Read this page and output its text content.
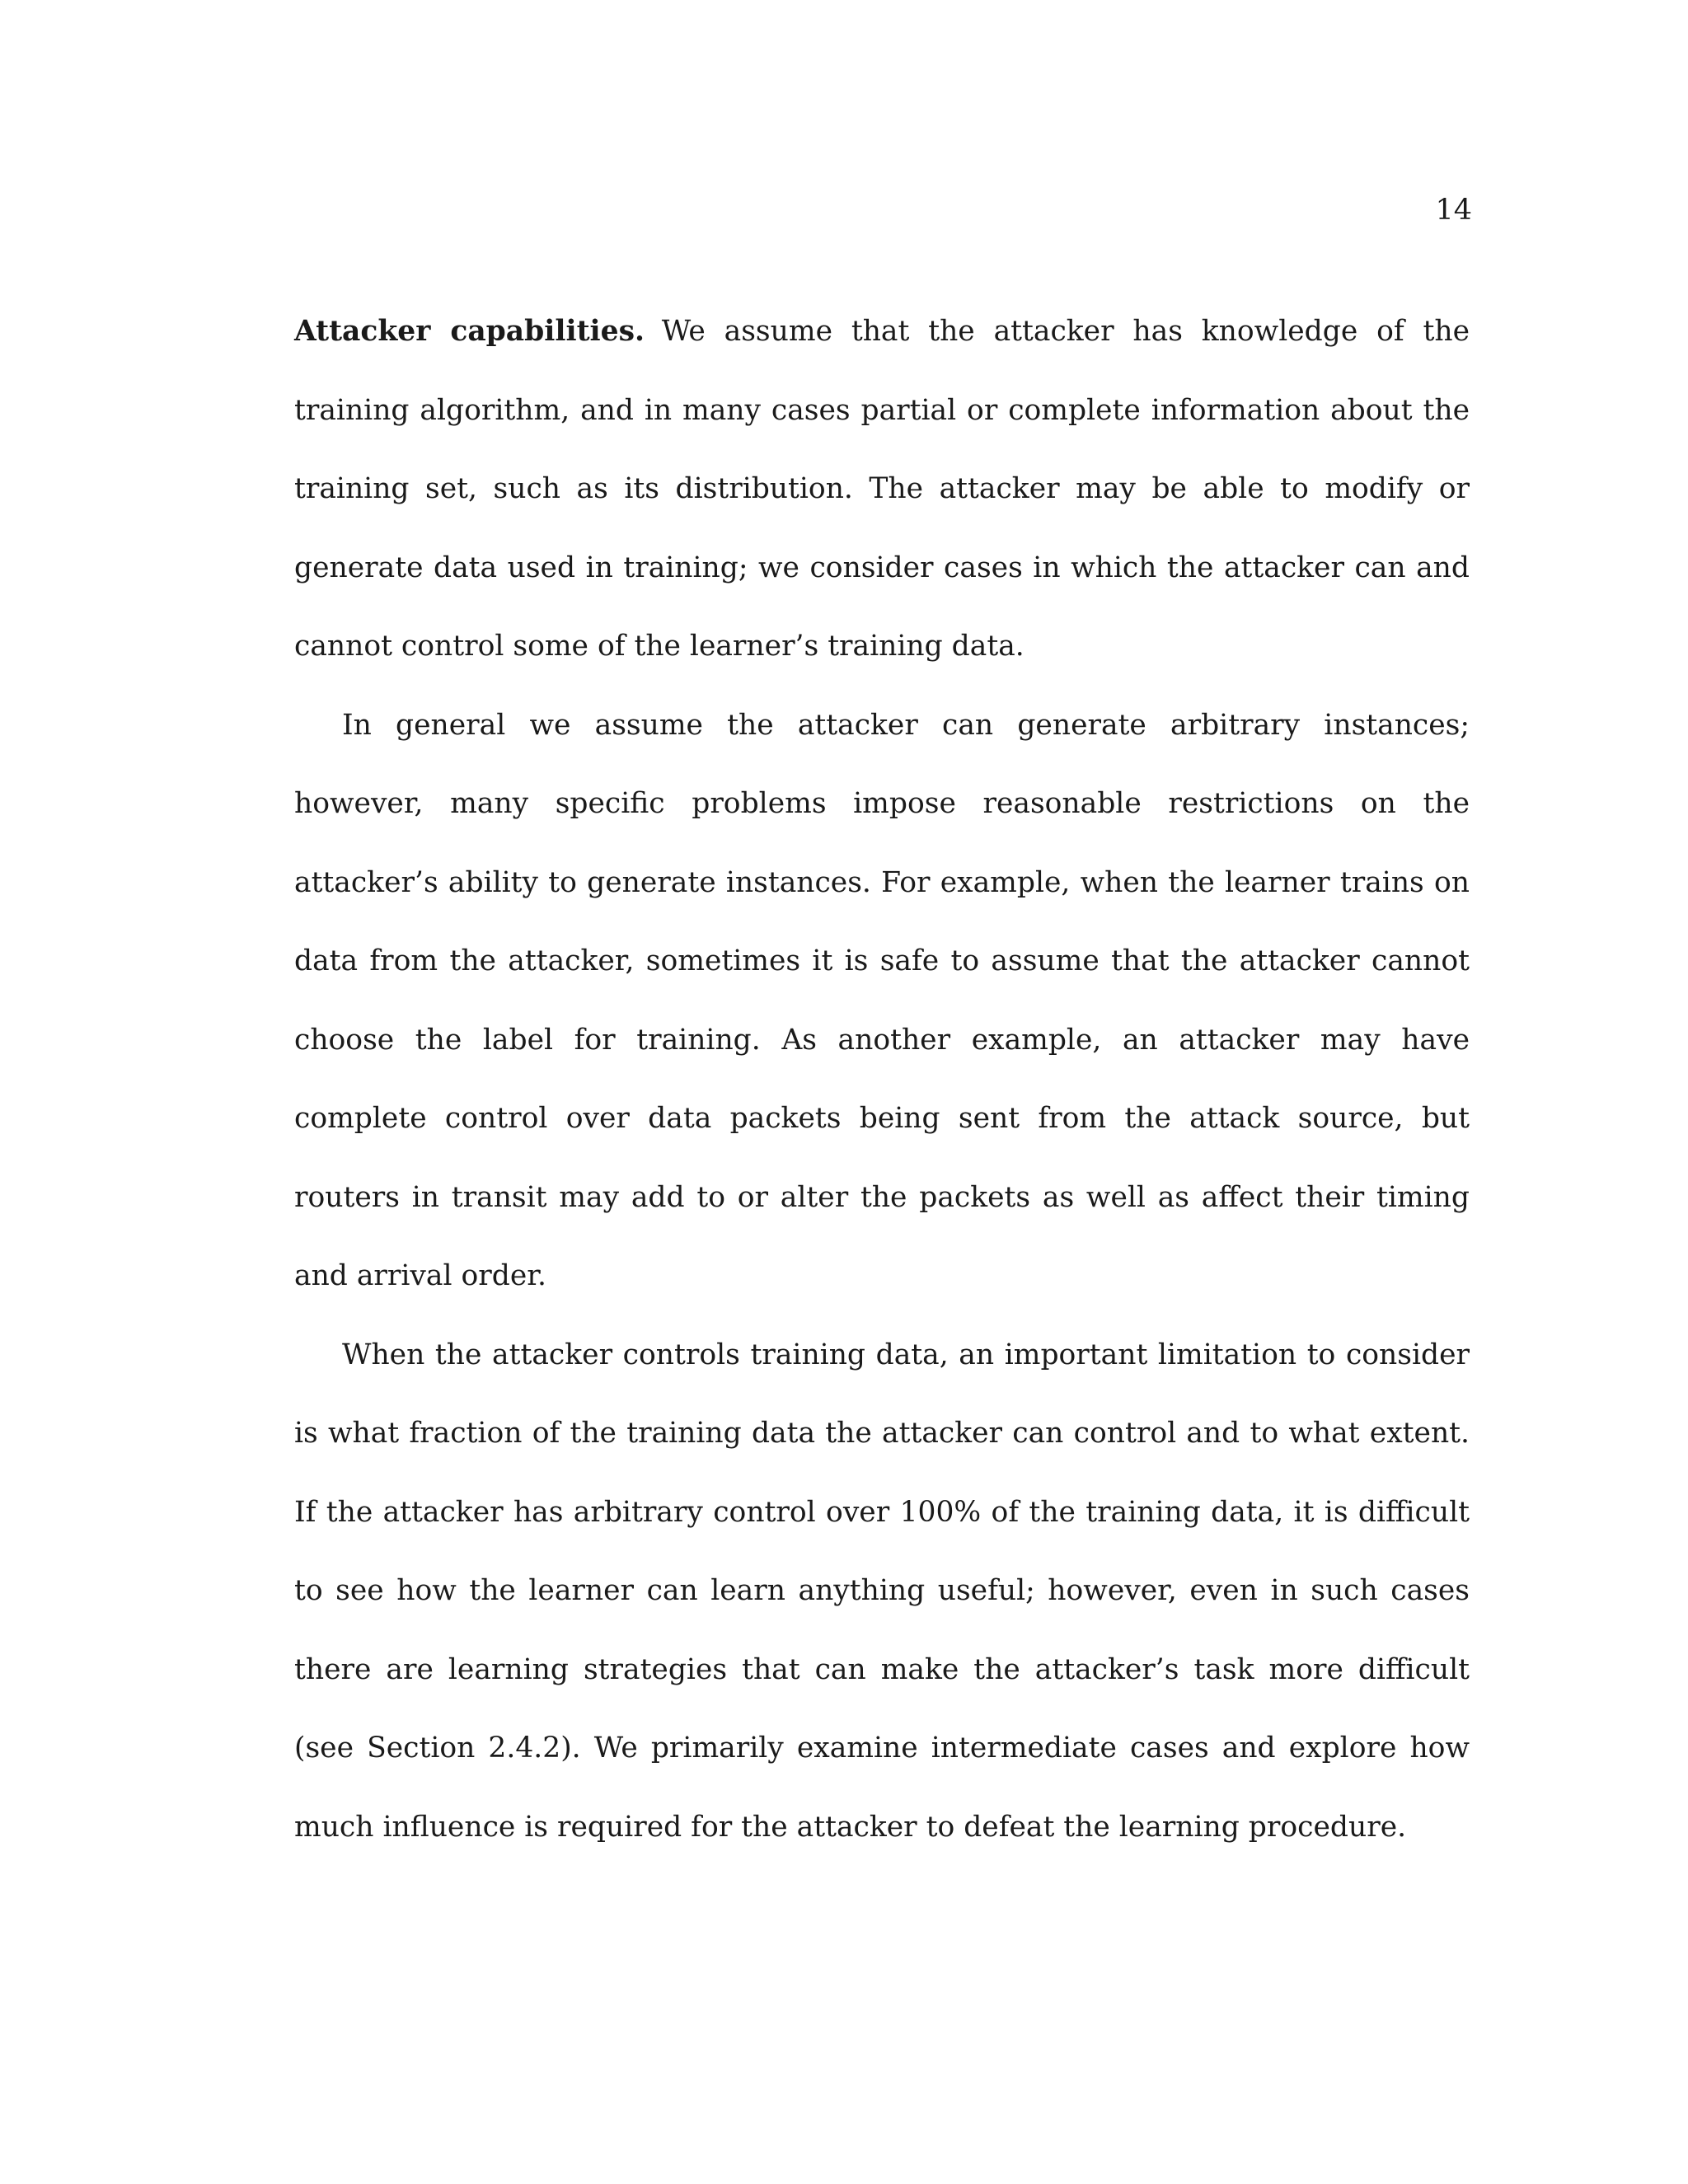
14

Attacker capabilities. We assume that the attacker has knowledge of the training algorithm, and in many cases partial or complete information about the training set, such as its distribution. The attacker may be able to modify or generate data used in training; we consider cases in which the attacker can and cannot control some of the learner’s training data.

In general we assume the attacker can generate arbitrary instances; however, many specific problems impose reasonable restrictions on the attacker’s ability to generate instances. For example, when the learner trains on data from the attacker, sometimes it is safe to assume that the attacker cannot choose the label for training. As another example, an attacker may have complete control over data packets being sent from the attack source, but routers in transit may add to or alter the packets as well as affect their timing and arrival order.

When the attacker controls training data, an important limitation to consider is what fraction of the training data the attacker can control and to what extent. If the attacker has arbitrary control over 100% of the training data, it is difficult to see how the learner can learn anything useful; however, even in such cases there are learning strategies that can make the attacker’s task more difficult (see Section 2.4.2). We primarily examine intermediate cases and explore how much influence is required for the attacker to defeat the learning procedure.
